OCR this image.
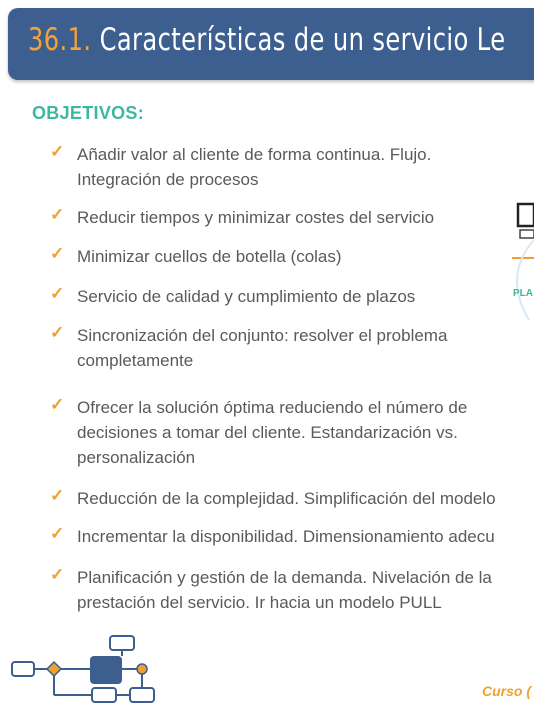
36.1. Características de un servicio Le
OBJETIVOS:
✓ Añadir valor al cliente de forma continua. Flujo.
Integración de procesos
✓ Reducir tiempos y minimizar costes del servicio
✓ Minimizar cuellos de botella (colas)
✓ Servicio de calidad y cumplimiento de plazos
✓ Sincronización del conjunto: resolver el problema
completamente
✓ Ofrecer la solución óptima reduciendo el número de
decisiones a tomar del cliente. Estandarización vs.
personalización
✓ Reducción de la complejidad. Simplificación del modelo
✓ Incrementar la disponibilidad. Dimensionamiento adecu
✓ Planificación y gestión de la demanda. Nivelación de la
prestación del servicio. Ir hacia un modelo PULL
PLA
Curso (
